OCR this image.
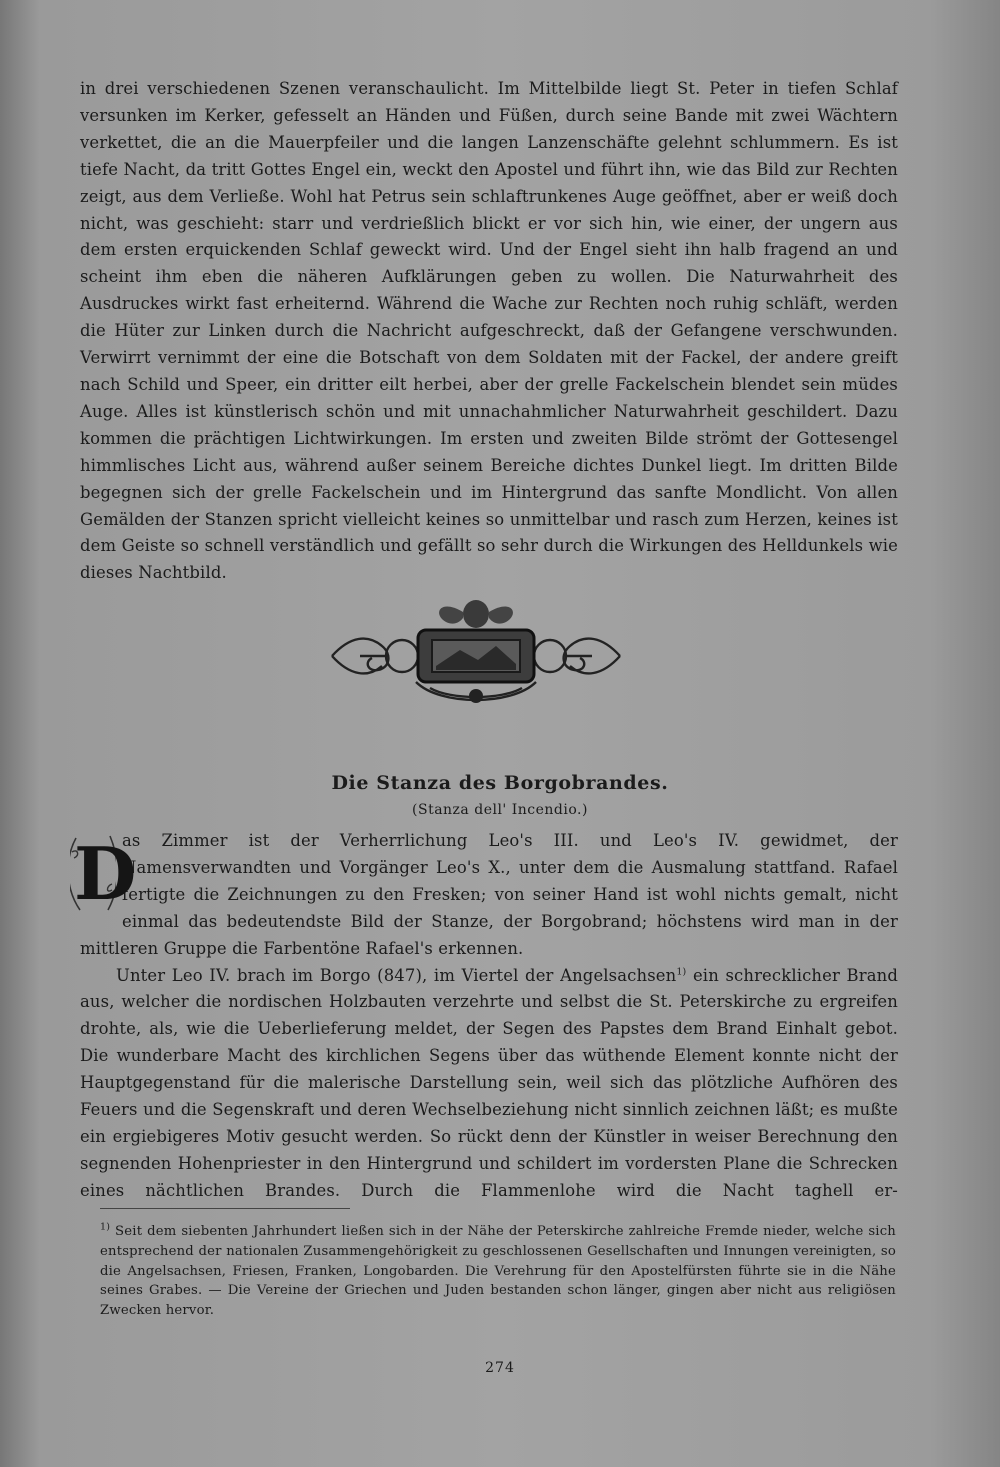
in drei verschiedenen Szenen veranschaulicht. Im Mittelbilde liegt St. Peter in tiefen Schlaf versunken im Kerker, gefesselt an Händen und Füßen, durch seine Bande mit zwei Wächtern verkettet, die an die Mauerpfeiler und die langen Lanzenschäfte gelehnt schlummern. Es ist tiefe Nacht, da tritt Gottes Engel ein, weckt den Apostel und führt ihn, wie das Bild zur Rechten zeigt, aus dem Verließe. Wohl hat Petrus sein schlaftrunkenes Auge geöffnet, aber er weiß doch nicht, was geschieht: starr und verdrießlich blickt er vor sich hin, wie einer, der ungern aus dem ersten erquickenden Schlaf geweckt wird. Und der Engel sieht ihn halb fragend an und scheint ihm eben die näheren Aufklärungen geben zu wollen. Die Naturwahrheit des Ausdruckes wirkt fast erheiternd. Während die Wache zur Rechten noch ruhig schläft, werden die Hüter zur Linken durch die Nachricht aufgeschreckt, daß der Gefangene verschwunden. Verwirrt vernimmt der eine die Botschaft von dem Soldaten mit der Fackel, der andere greift nach Schild und Speer, ein dritter eilt herbei, aber der grelle Fackelschein blendet sein müdes Auge. Alles ist künstlerisch schön und mit unnachahmlicher Naturwahrheit geschildert. Dazu kommen die prächtigen Lichtwirkungen. Im ersten und zweiten Bilde strömt der Gottesengel himmlisches Licht aus, während außer seinem Bereiche dichtes Dunkel liegt. Im dritten Bilde begegnen sich der grelle Fackelschein und im Hintergrund das sanfte Mondlicht. Von allen Gemälden der Stanzen spricht vielleicht keines so unmittelbar und rasch zum Herzen, keines ist dem Geiste so schnell verständlich und gefällt so sehr durch die Wirkungen des Helldunkels wie dieses Nachtbild.

Die Stanza des Borgobrandes.
(Stanza dell' Incendio.)
D

as Zimmer ist der Verherrlichung Leo's III. und Leo's IV. gewidmet, der Namensverwandten und Vorgänger Leo's X., unter dem die Ausmalung stattfand. Rafael fertigte die Zeichnungen zu den Fresken; von seiner Hand ist wohl nichts gemalt, nicht einmal das bedeutendste Bild der Stanze, der Borgobrand; höchstens wird man in der mittleren Gruppe die Farbentöne Rafael's erkennen.

Unter Leo IV. brach im Borgo (847), im Viertel der Angelsachsen$^{1)}$ ein schrecklicher Brand aus, welcher die nordischen Holzbauten verzehrte und selbst die St. Peterskirche zu ergreifen drohte, als, wie die Ueberlieferung meldet, der Segen des Papstes dem Brand Einhalt gebot. Die wunderbare Macht des kirchlichen Segens über das wüthende Element konnte nicht der Hauptgegenstand für die malerische Darstellung sein, weil sich das plötzliche Aufhören des Feuers und die Segenskraft und deren Wechselbeziehung nicht sinnlich zeichnen läßt; es mußte ein ergiebigeres Motiv gesucht werden. So rückt denn der Künstler in weiser Berechnung den segnenden Hohenpriester in den Hintergrund und schildert im vordersten Plane die Schrecken eines nächtlichen Brandes. Durch die Flammenlohe wird die Nacht taghell er-

$^{1)}$ Seit dem siebenten Jahrhundert ließen sich in der Nähe der Peterskirche zahlreiche Fremde nieder, welche sich entsprechend der nationalen Zusammengehörigkeit zu geschlossenen Gesellschaften und Innungen vereinigten, so die Angelsachsen, Friesen, Franken, Longobarden. Die Verehrung für den Apostelfürsten führte sie in die Nähe seines Grabes. — Die Vereine der Griechen und Juden bestanden schon länger, gingen aber nicht aus religiösen Zwecken hervor.

274
